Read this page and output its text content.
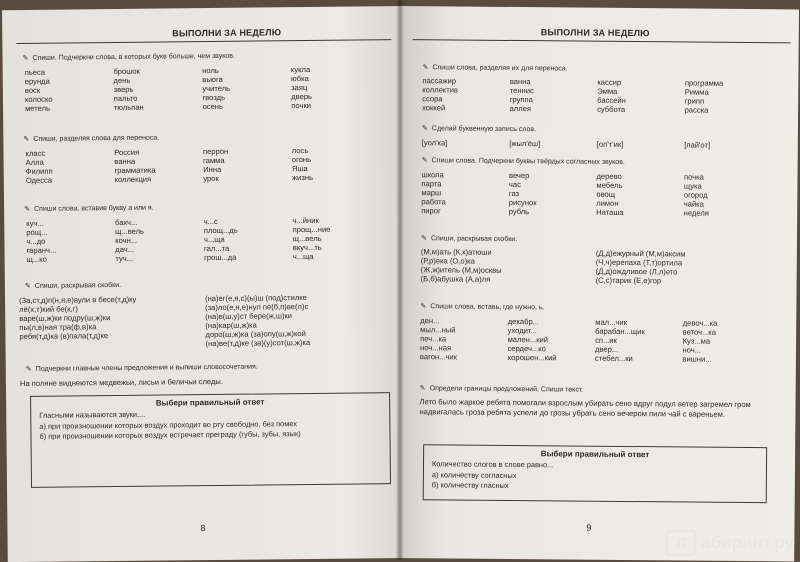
ВЫПОЛНИ ЗА НЕДЕЛЮ
✎ Спиши. Подчеркни слова, в которых букв больше, чем звуков.
пьеса	брошок	ноль	кукла
ерунда	день	вьюга	юбка
воск	зверь	учитель	заяц
колоско	пальто	гвоздь	дверь
метель	тюльпан	осень	почки
✎ Спиши, разделяя слова для переноса.
класс	Россия	перрон	лось
Алла	ванна	гамма	огонь
Филипп	грамматика	Инна	Яша
Одесса	коллекция	урок	жизнь
✎ Спиши слова, вставив букву а или я.
куч...	бахч...	ч...с	ч...йник
рощ...	щ...вель	площ...дь	прощ...ние
ч...до	кочн...	ч...ща	щ...вель
гаранч...	дач...	гал...та	вкуч...ть
щ...ко	туч...	грош...да	ч...ща
✎ Спиши, раскрывая скобки.
(За,ст,д)п(н,я,е)вули в бесе(т,д)ку	(на)ег(е,я,с)(ы)ш (под)стилке
лё(х,т)кий бе(к,г)	(за)ло(е,я,е)нул пе(б,п)ве(л)с
варе(ш,ж)ки подру(ш,ж)ки	(на)в(ш,у)ст бере(ж,ш)ки
пы(л,в)ная тра(ф,в)ка	(на)кар(ш,ж)ка
ребя(т,д)ка (в)пала(т,д)ке	доро(ш,ж)ка (за)опу(ш,ж)кой
(на)ве(т,д)ке (за)(у)сот(ш,ж)ка
✎ Подчеркни главные члены предложения и выпиши словосочетания.
На поляне виднеются медвежьи, лисьи и беличьи следы.
Выбери правильный ответ
Гласными называются звуки,...
а) при произношении которых воздух проходит во рту свободно, без помех
б) при произношении которых воздух встречает преграду (губы, зубы, язык)
8
ВЫПОЛНИ ЗА НЕДЕЛЮ
✎ Спиши слова, разделяя их для переноса.
пассажир	ванна	кассир	программа
коллектив	теннис	Эмма	Римма
ссора	группа	бассейн	грипп
хоккей	аллея	суббота	расска
✎ Сделай буквенную запись слов.
[уол'ка]	[жыл'ёш]	[оп'т'ик]	[пай'от]
✎ Спиши слова. Подчеркни буквы твёрдых согласных звуков.
школа	вечер	дерево	почка
парта	час	мебель	щука
марш	газ	овощ	огород
работа	рисунок	лимон	чайка
пирог	рубль	Наташа	неделя
✎ Спиши, раскрывая скобки.
(М,м)ать (К,к)атюши	(Д,д)ежурный (М,м)аксим
(Р,р)ека (О,о)ка	(Ч,ч)ерепаха (Т,т)ортила
(Ж,ж)итель (М,м)осквы	(Д,д)ождливое (Л,л)ето
(Б,б)абушка (А,а)ля	(С,с)тарик (Е,е)гор
✎ Спиши слова, вставь, где нужно, ь.
ден...	декабр...	мал...чик	девоч...ка
мыл...ный	уходит...	барабан...щик	веточ...ка
печ...ка	мален...кий	сп...ик	Куз...ма
ноч...ная	сердеч...ко	двер...	ноч...
вагон...чик	хорошен...кий	стебел...ки	вишни...
✎ Определи границы предложений. Спиши текст.
Лето было жаркое ребята помогали взрослым убирать сено вдруг подул ветер загремел гром надвигалась гроза ребята успели до грозы убрать сено вечером пили чай с вареньем.
Выбери правильный ответ
Количество слогов в слове равно...
а) количеству согласных
б) количеству гласных
9
Л абиринт.ру
